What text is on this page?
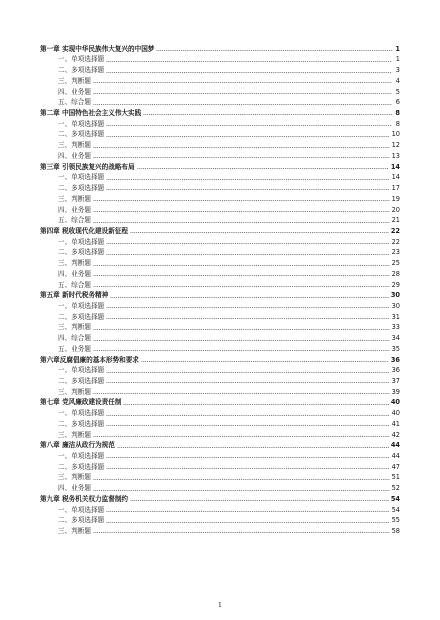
第一章 实现中华民族伟大复兴的中国梦	1
一、单项选择题	1
二、多项选择题	3
三、判断题	4
四、业务题	5
五、综合题	6
第二章 中国特色社会主义伟大实践	8
一、单项选择题	8
二、多项选择题	10
三、判断题	12
四、业务题	13
第三章 引领民族复兴的战略布局	14
一、单项选择题	14
二、多项选择题	17
三、判断题	19
四、业务题	20
五、综合题	21
第四章 税收现代化建设新征程	22
一、单项选择题	22
二、多项选择题	23
三、判断题	25
四、业务题	28
五、综合题	29
第五章 新时代税务精神	30
一、单项选择题	30
二、多项选择题	31
三、判断题	33
四、综合题	34
五、业务题	35
第六章反腐倡廉的基本形势和要求	36
一、单项选择题	36
二、多项选择题	37
三、判断题	39
第七章 党风廉政建设责任制	40
一、单项选择题	40
二、多项选择题	41
三、判断题	42
第八章 廉洁从政行为规范	44
一、单项选择题	44
二、多项选择题	47
三、判断题	51
四、业务题	52
第九章 税务机关权力监督制约	54
一、单项选择题	54
二、多项选择题	55
三、判断题	58
1
